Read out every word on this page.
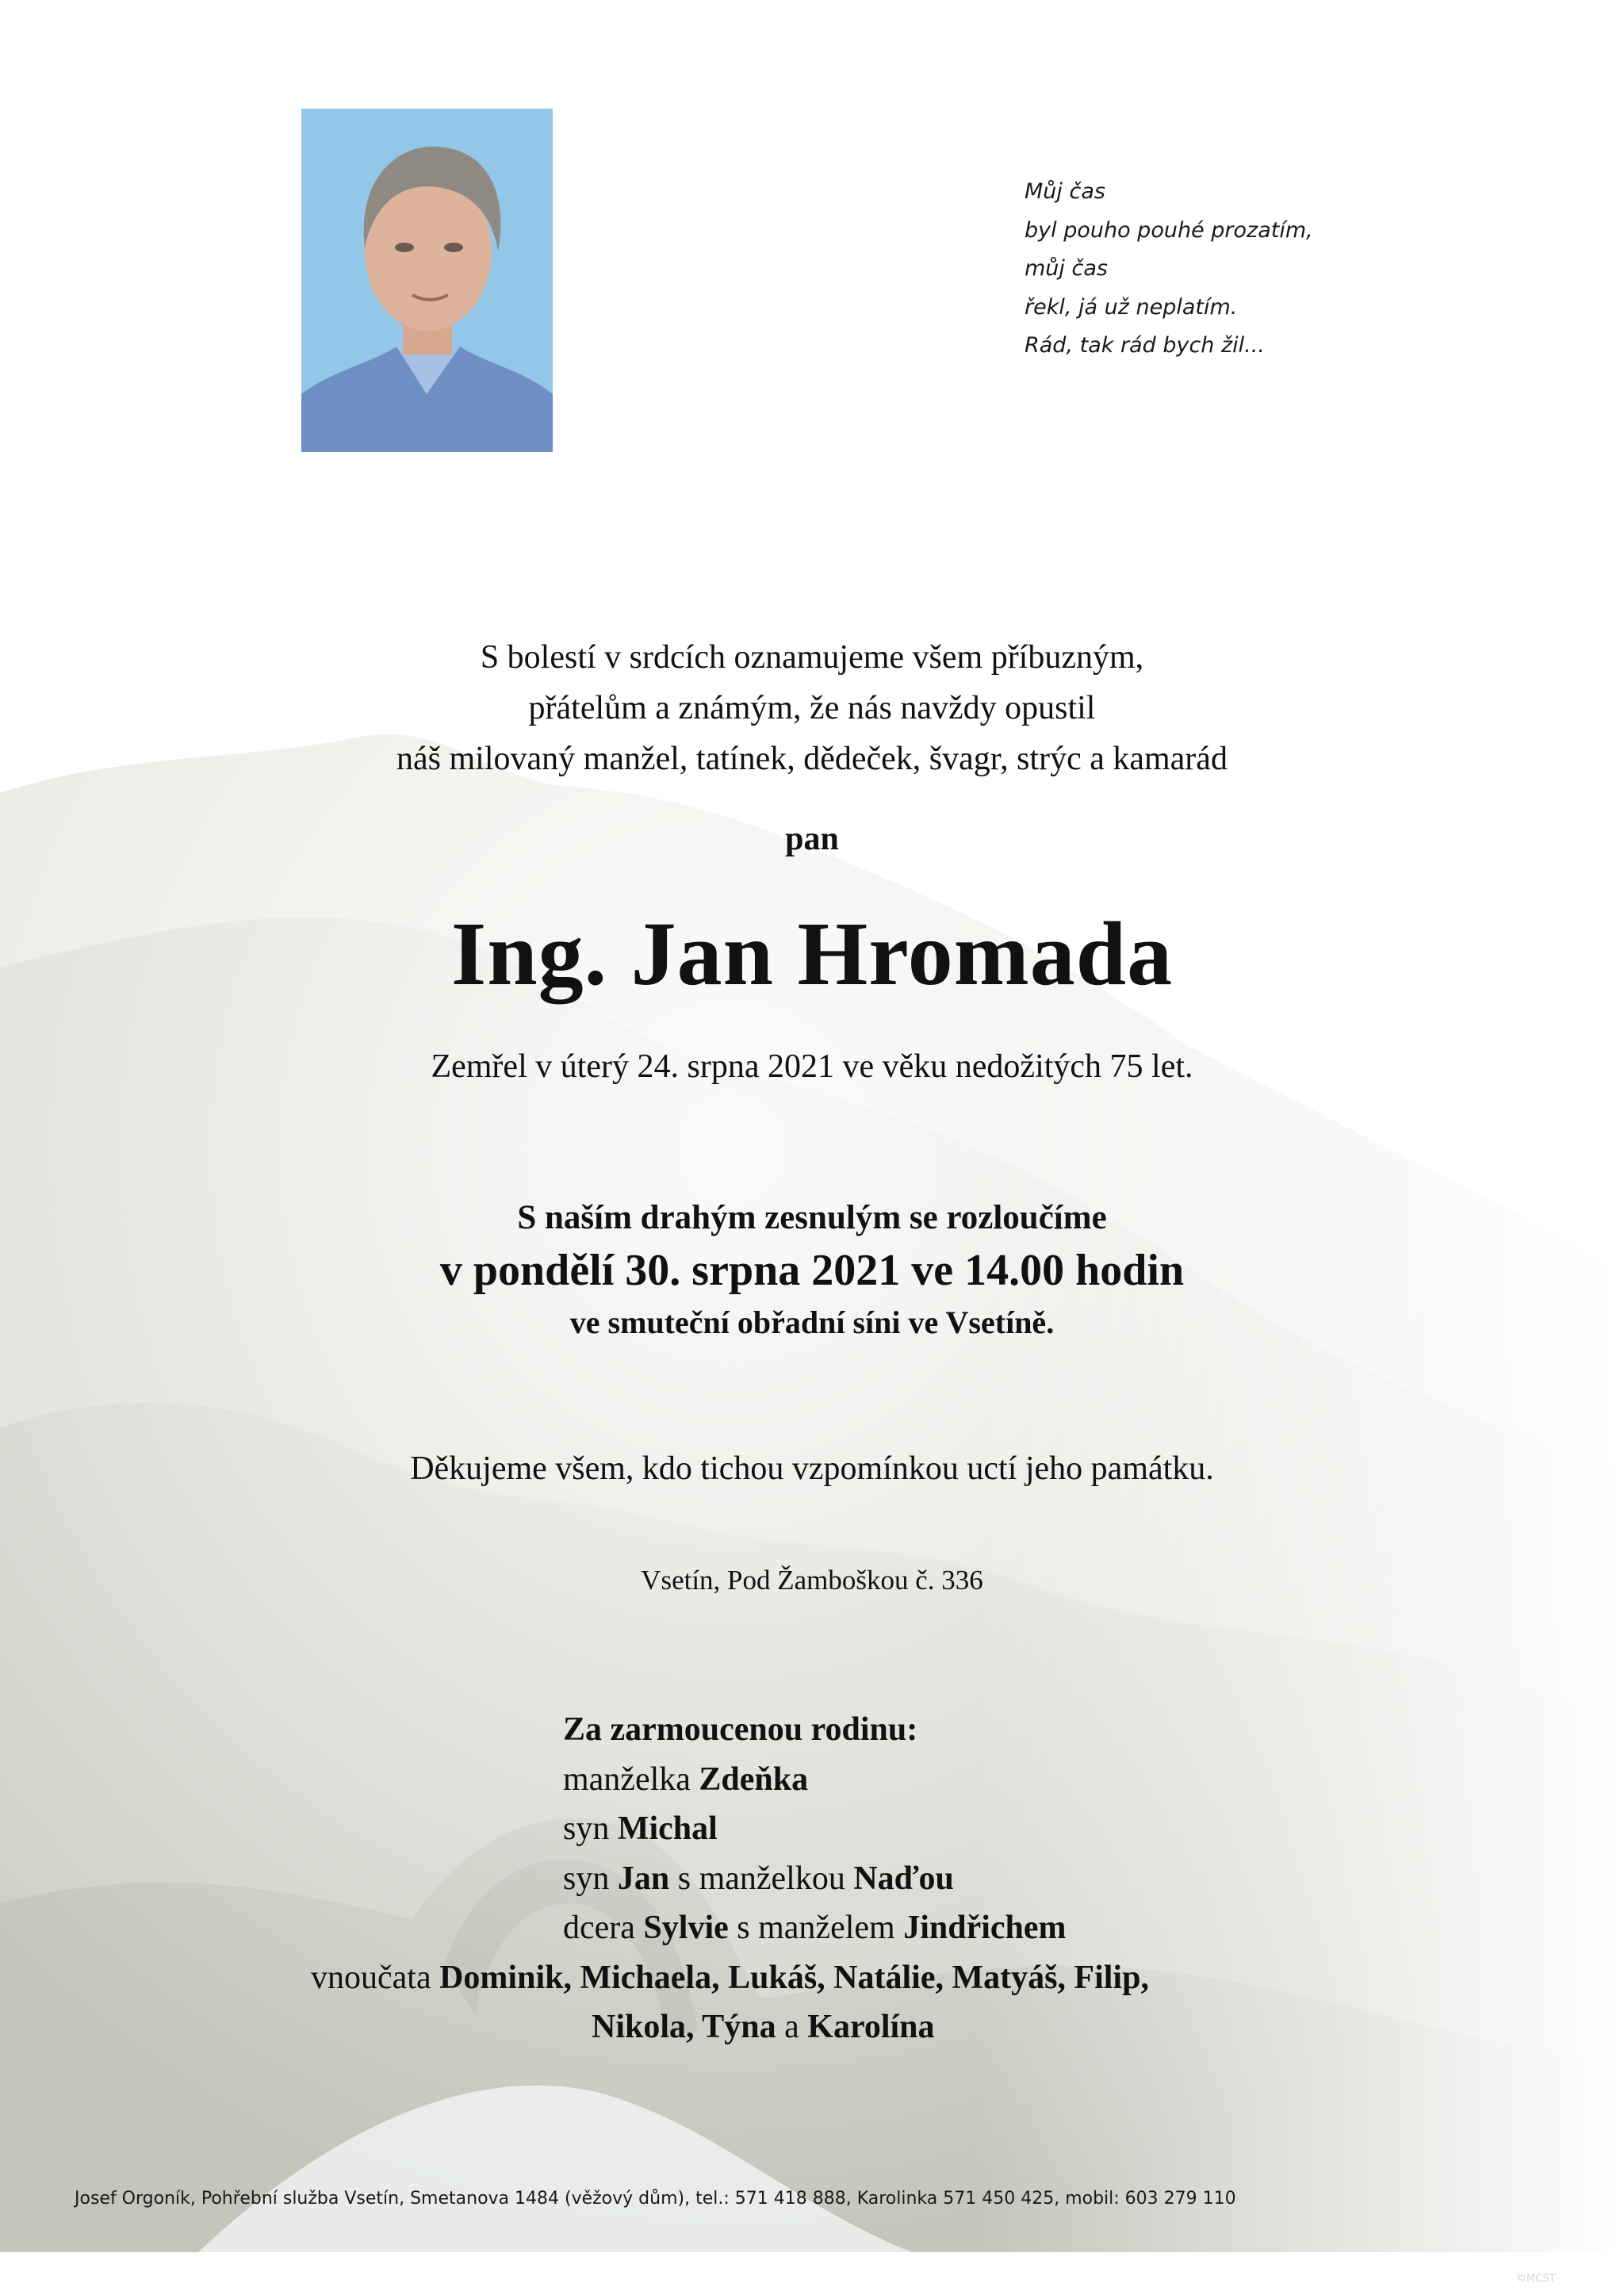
Můj čas
byl pouho pouhé prozatím,
můj čas
řekl, já už neplatím.
Rád, tak rád bych žil...
S bolestí v srdcích oznamujeme všem příbuzným,
přátelům a známým, že nás navždy opustil
náš milovaný manžel, tatínek, dědeček, švagr, strýc a kamarád
pan
Ing. Jan Hromada
Zemřel v úterý 24. srpna 2021 ve věku nedožitých 75 let.
S naším drahým zesnulým se rozloučíme
v pondělí 30. srpna 2021 ve 14.00 hodin
ve smuteční obřadní síni ve Vsetíně.
Děkujeme všem, kdo tichou vzpomínkou uctí jeho památku.
Vsetín, Pod Žamboškou č. 336
Za zarmoucenou rodinu:
manželka Zdeňka
syn Michal
syn Jan s manželkou Naďou
dcera Sylvie s manželem Jindřichem
vnoučata Dominik, Michaela, Lukáš, Natálie, Matyáš, Filip,
Nikola, Týna a Karolína
Josef Orgoník, Pohřební služba Vsetín, Smetanova 1484 (věžový dům), tel.: 571 418 888, Karolinka 571 450 425, mobil: 603 279 110
©MCST
